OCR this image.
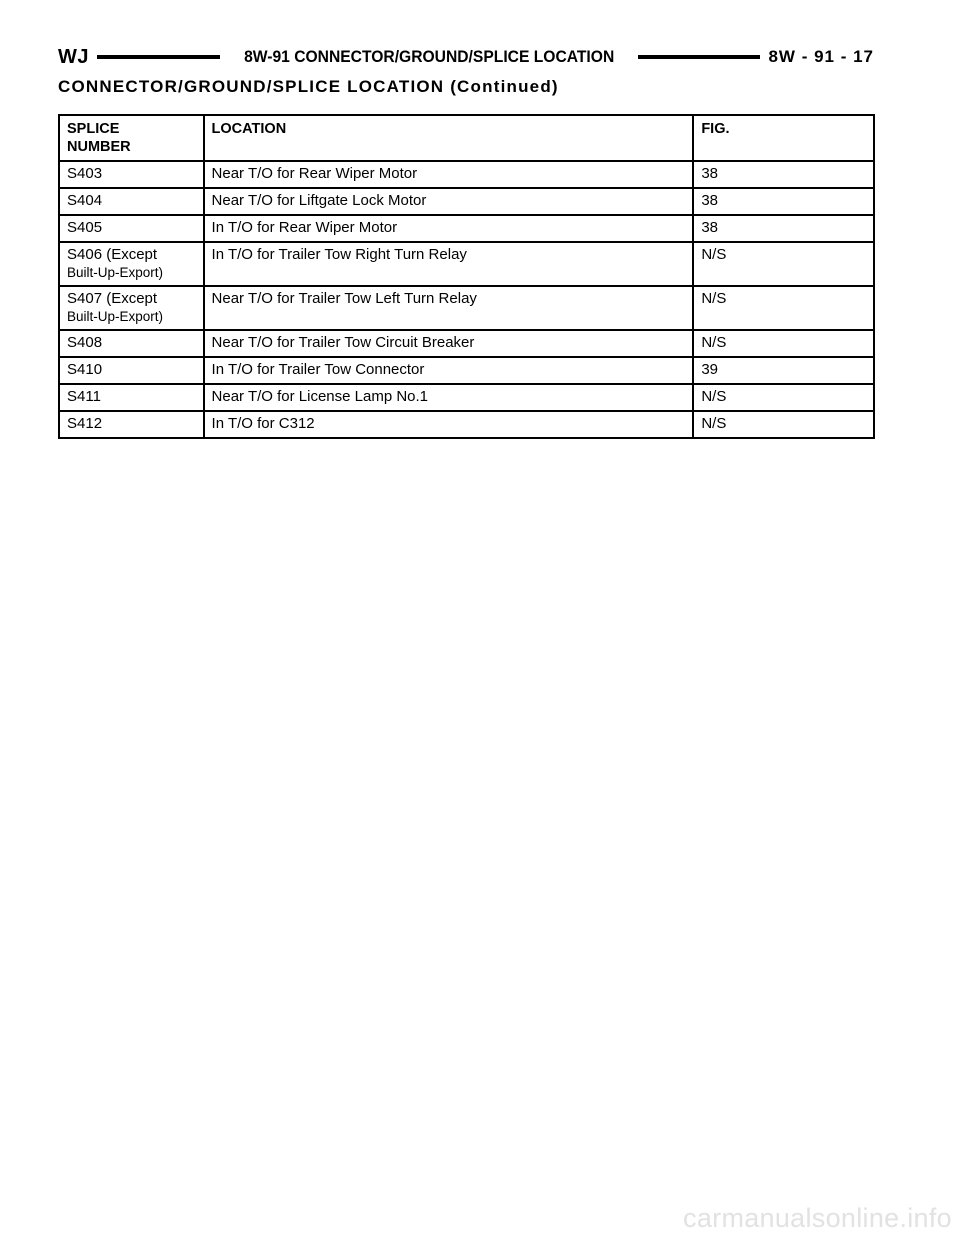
WJ	8W-91 CONNECTOR/GROUND/SPLICE LOCATION	8W - 91 - 17
CONNECTOR/GROUND/SPLICE LOCATION (Continued)
SPLICE
NUMBER	LOCATION	FIG.

S403	Near T/O for Rear Wiper Motor	38

S404	Near T/O for Liftgate Lock Motor	38

S405	In T/O for Rear Wiper Motor	38

S406 (Except
Built-Up-Export)	In T/O for Trailer Tow Right Turn Relay	N/S

S407 (Except
Built-Up-Export)	Near T/O for Trailer Tow Left Turn Relay	N/S

S408	Near T/O for Trailer Tow Circuit Breaker	N/S

S410	In T/O for Trailer Tow Connector	39

S411	Near T/O for License Lamp No.1	N/S

S412	In T/O for C312	N/S
carmanualsonline.info
